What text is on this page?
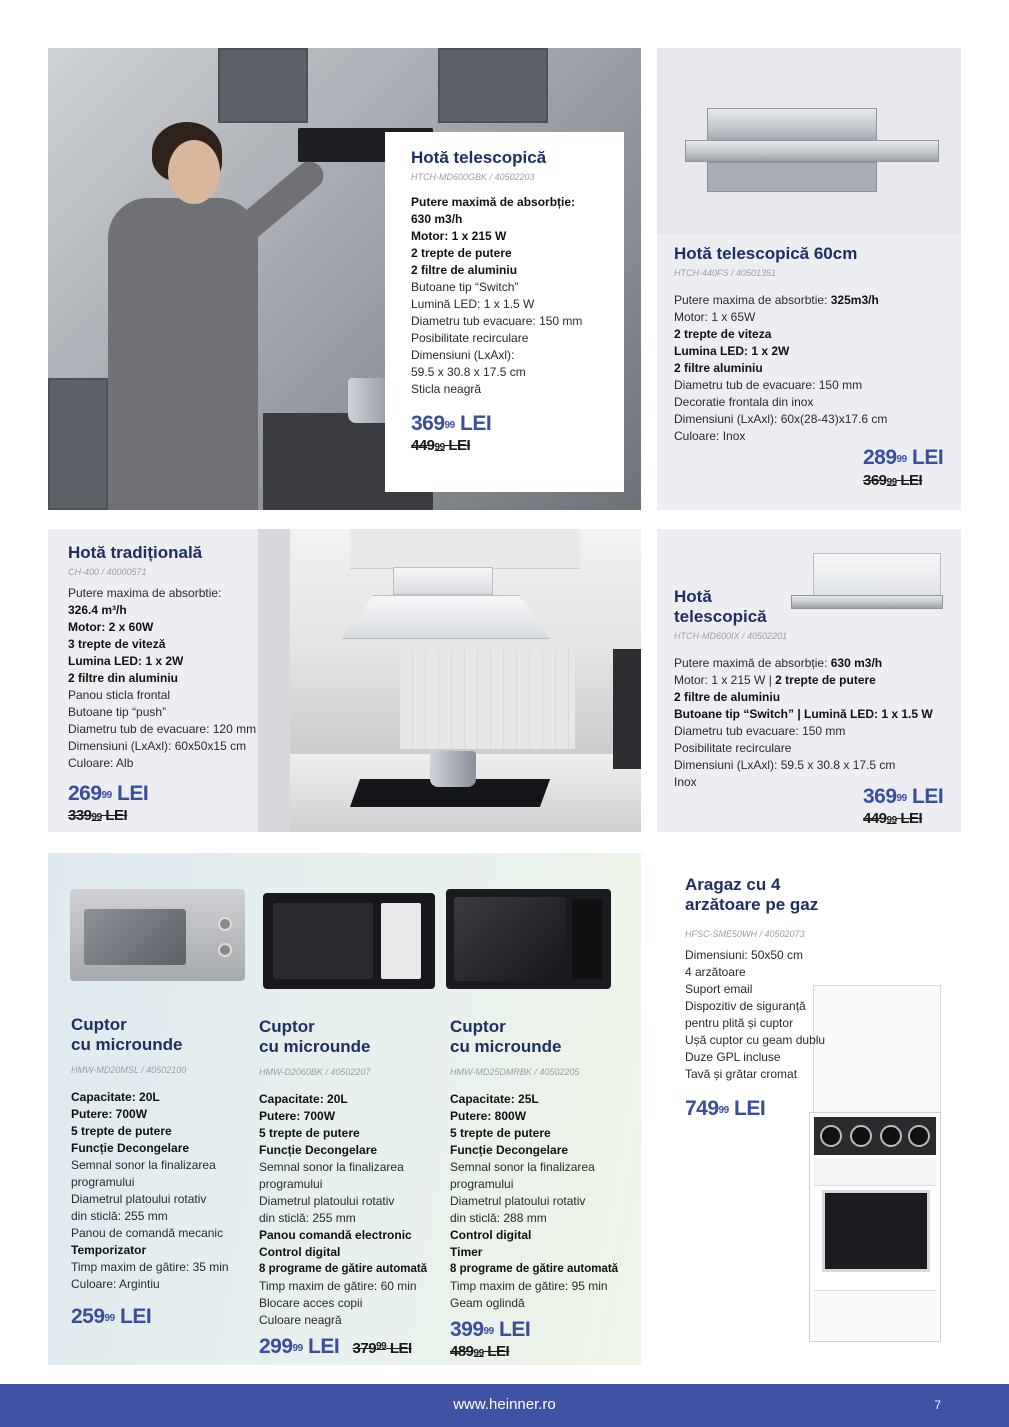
Hotă telescopică
HTCH-MD600GBK / 40502203
Putere maximă de absorbție:
630 m3/h
Motor: 1 x 215 W
2 trepte de putere
2 filtre de aluminiu
Butoane tip “Switch”
Lumină LED: 1 x 1.5 W
Diametru tub evacuare: 150 mm
Posibilitate recirculare
Dimensiuni (LxAxl):
59.5 x 30.8 x 17.5 cm
Sticla neagră
$369^{99}$ LEI
$449^{99}$ LEI
Hotă telescopică 60cm
HTCH-440FS / 40501351
Putere maxima de absorbtie: 325m3/h
Motor: 1 x 65W
2 trepte de viteza
Lumina LED: 1 x 2W
2 filtre aluminiu
Diametru tub de evacuare: 150 mm
Decoratie frontala din inox
Dimensiuni (LxAxl): 60x(28-43)x17.6 cm
Culoare: Inox
$289^{99}$ LEI
$369^{99}$ LEI
Hotă tradițională
CH-400 / 40000571
Putere maxima de absorbtie:
326.4 m³/h
Motor: 2 x 60W
3 trepte de viteză
Lumina LED: 1 x 2W
2 filtre din aluminiu
Panou sticla frontal
Butoane tip “push”
Diametru tub de evacuare: 120 mm
Dimensiuni (LxAxl): 60x50x15 cm
Culoare: Alb
$269^{99}$ LEI
$339^{99}$ LEI
Hotă
telescopică
HTCH-MD600IX / 40502201
Putere maximă de absorbție: 630 m3/h
Motor: 1 x 215 W | 2 trepte de putere
2 filtre de aluminiu
Butoane tip “Switch” | Lumină LED: 1 x 1.5 W
Diametru tub evacuare: 150 mm
Posibilitate recirculare
Dimensiuni (LxAxl): 59.5 x 30.8 x 17.5 cm
Inox
$369^{99}$ LEI
$449^{99}$ LEI
Cuptor
cu microunde
HMW-MD20MSL / 40502100
Capacitate: 20L
Putere: 700W
5 trepte de putere
Funcție Decongelare
Semnal sonor la finalizarea
programului
Diametrul platoului rotativ
din sticlă: 255 mm
Panou de comandă mecanic
Temporizator
Timp maxim de gătire: 35 min
Culoare: Argintiu
$259^{99}$ LEI
Cuptor
cu microunde
HMW-D2060BK / 40502207
Capacitate: 20L
Putere: 700W
5 trepte de putere
Funcție Decongelare
Semnal sonor la finalizarea
programului
Diametrul platoului rotativ
din sticlă: 255 mm
Panou comandă electronic
Control digital
8 programe de gătire automată
Timp maxim de gătire: 60 min
Blocare acces copii
Culoare neagră
$299^{99}$ LEI $379^{99}$ LEI
Cuptor
cu microunde
HMW-MD25DMRBK / 40502205
Capacitate: 25L
Putere: 800W
5 trepte de putere
Funcție Decongelare
Semnal sonor la finalizarea
programului
Diametrul platoului rotativ
din sticlă: 288 mm
Control digital
Timer
8 programe de gătire automată
Timp maxim de gătire: 95 min
Geam oglindă
$399^{99}$ LEI
$489^{99}$ LEI
Aragaz cu 4
arzătoare pe gaz
HFSC-SME50WH / 40502073
Dimensiuni: 50x50 cm
4 arzătoare
Suport email
Dispozitiv de siguranță
pentru plită și cuptor
Ușă cuptor cu geam dublu
Duze GPL incluse
Tavă și grătar cromat
$749^{99}$ LEI
www.heinner.ro	7
